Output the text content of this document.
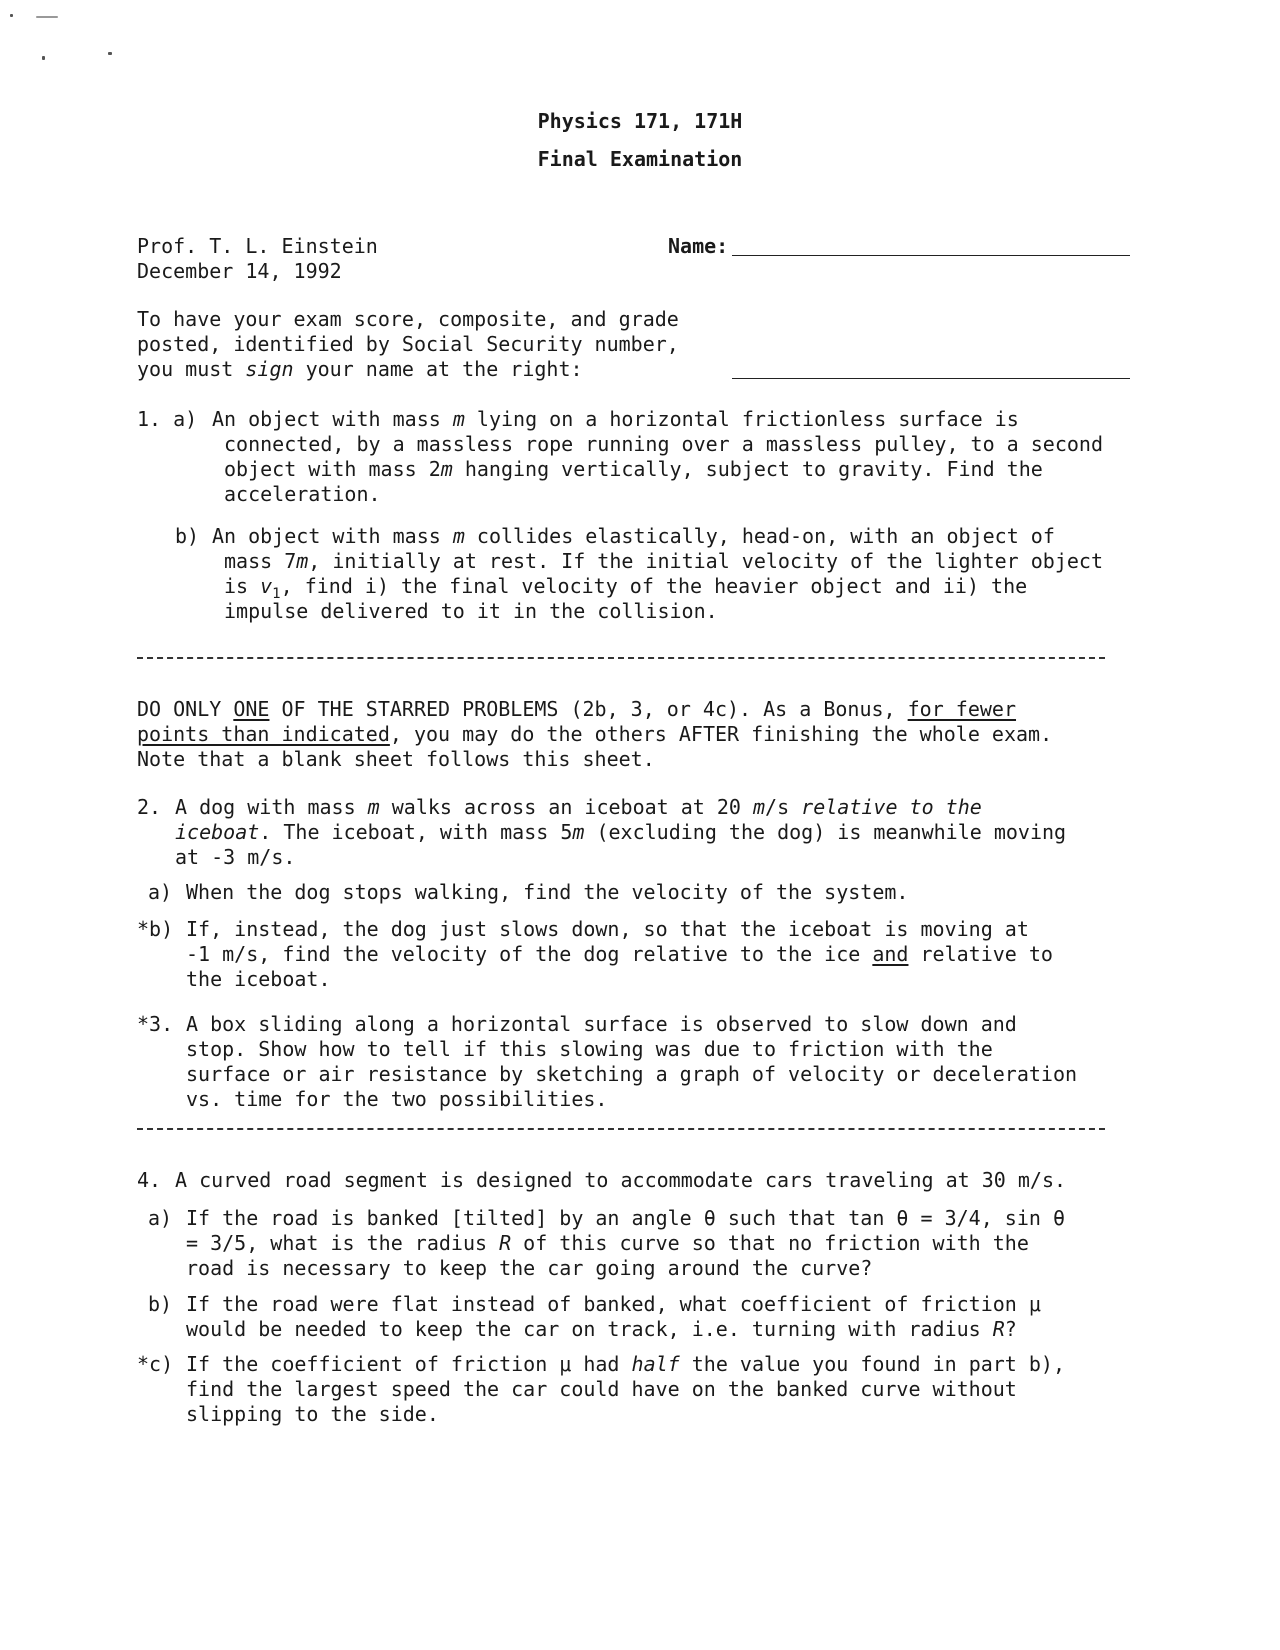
Physics 171, 171H
Final Examination
Prof. T. L. Einstein
December 14, 1992
Name:
To have your exam score, composite, and grade
posted, identified by Social Security number,
you must sign your name at the right:
1. a) An object with mass m lying on a horizontal frictionless surface is
connected, by a massless rope running over a massless pulley, to a second
object with mass 2m hanging vertically, subject to gravity. Find the
acceleration.
b) An object with mass m collides elastically, head-on, with an object of
mass 7m, initially at rest. If the initial velocity of the lighter object
is $v_1$, find i) the final velocity of the heavier object and ii) the
impulse delivered to it in the collision.
DO ONLY ONE OF THE STARRED PROBLEMS (2b, 3, or 4c). As a Bonus, for fewer
points than indicated, you may do the others AFTER finishing the whole exam.
Note that a blank sheet follows this sheet.
2. A dog with mass m walks across an iceboat at 20 m/s relative to the
iceboat. The iceboat, with mass 5m (excluding the dog) is meanwhile moving
at -3 m/s.
a) When the dog stops walking, find the velocity of the system.
*b) If, instead, the dog just slows down, so that the iceboat is moving at
-1 m/s, find the velocity of the dog relative to the ice and relative to
the iceboat.
*3. A box sliding along a horizontal surface is observed to slow down and
stop. Show how to tell if this slowing was due to friction with the
surface or air resistance by sketching a graph of velocity or deceleration
vs. time for the two possibilities.
4. A curved road segment is designed to accommodate cars traveling at 30 m/s.
a) If the road is banked [tilted] by an angle θ such that tan θ = 3/4, sin θ
= 3/5, what is the radius R of this curve so that no friction with the
road is necessary to keep the car going around the curve?
b) If the road were flat instead of banked, what coefficient of friction μ
would be needed to keep the car on track, i.e. turning with radius R?
*c) If the coefficient of friction μ had half the value you found in part b),
find the largest speed the car could have on the banked curve without
slipping to the side.
